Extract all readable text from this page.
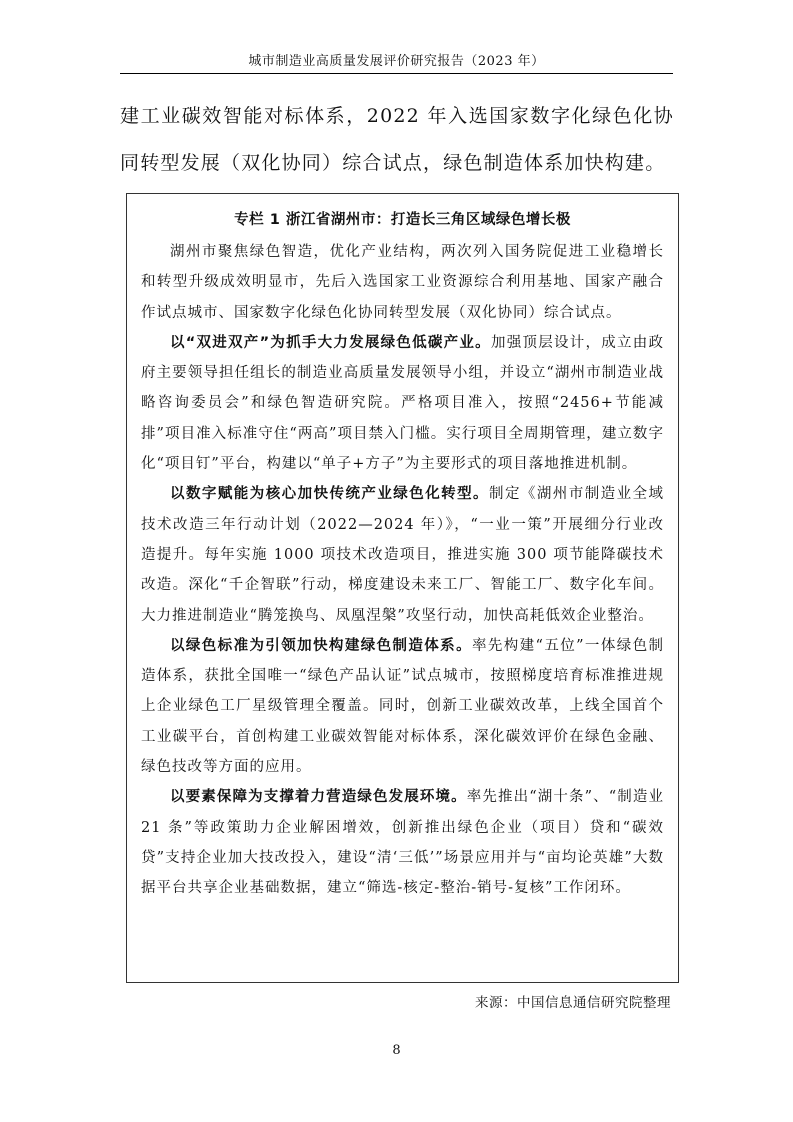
城市制造业高质量发展评价研究报告（2023 年）

建工业碳效智能对标体系，2022 年入选国家数字化绿色化协同转型发展（双化协同）综合试点，绿色制造体系加快构建。

专栏 1 浙江省湖州市：打造长三角区域绿色增长极

湖州市聚焦绿色智造，优化产业结构，两次列入国务院促进工业稳增长和转型升级成效明显市，先后入选国家工业资源综合利用基地、国家产融合作试点城市、国家数字化绿色化协同转型发展（双化协同）综合试点。

以“双进双产”为抓手大力发展绿色低碳产业。加强顶层设计，成立由政府主要领导担任组长的制造业高质量发展领导小组，并设立“湖州市制造业战略咨询委员会”和绿色智造研究院。严格项目准入，按照“2456+节能减排”项目准入标准守住“两高”项目禁入门槛。实行项目全周期管理，建立数字化“项目钉”平台，构建以“单子+方子”为主要形式的项目落地推进机制。

以数字赋能为核心加快传统产业绿色化转型。制定《湖州市制造业全域技术改造三年行动计划（2022—2024 年）》，“一业一策”开展细分行业改造提升。每年实施 1000 项技术改造项目，推进实施 300 项节能降碳技术改造。深化“千企智联”行动，梯度建设未来工厂、智能工厂、数字化车间。大力推进制造业“腾笼换鸟、凤凰涅槃”攻坚行动，加快高耗低效企业整治。

以绿色标准为引领加快构建绿色制造体系。率先构建“五位”一体绿色制造体系，获批全国唯一“绿色产品认证”试点城市，按照梯度培育标准推进规上企业绿色工厂星级管理全覆盖。同时，创新工业碳效改革，上线全国首个工业碳平台，首创构建工业碳效智能对标体系，深化碳效评价在绿色金融、绿色技改等方面的应用。

以要素保障为支撑着力营造绿色发展环境。率先推出“湖十条”、“制造业 21 条”等政策助力企业解困增效，创新推出绿色企业（项目）贷和“碳效贷”支持企业加大技改投入，建设“清‘三低’”场景应用并与“亩均论英雄”大数据平台共享企业基础数据，建立“筛选-核定-整治-销号-复核”工作闭环。

来源：中国信息通信研究院整理
8
